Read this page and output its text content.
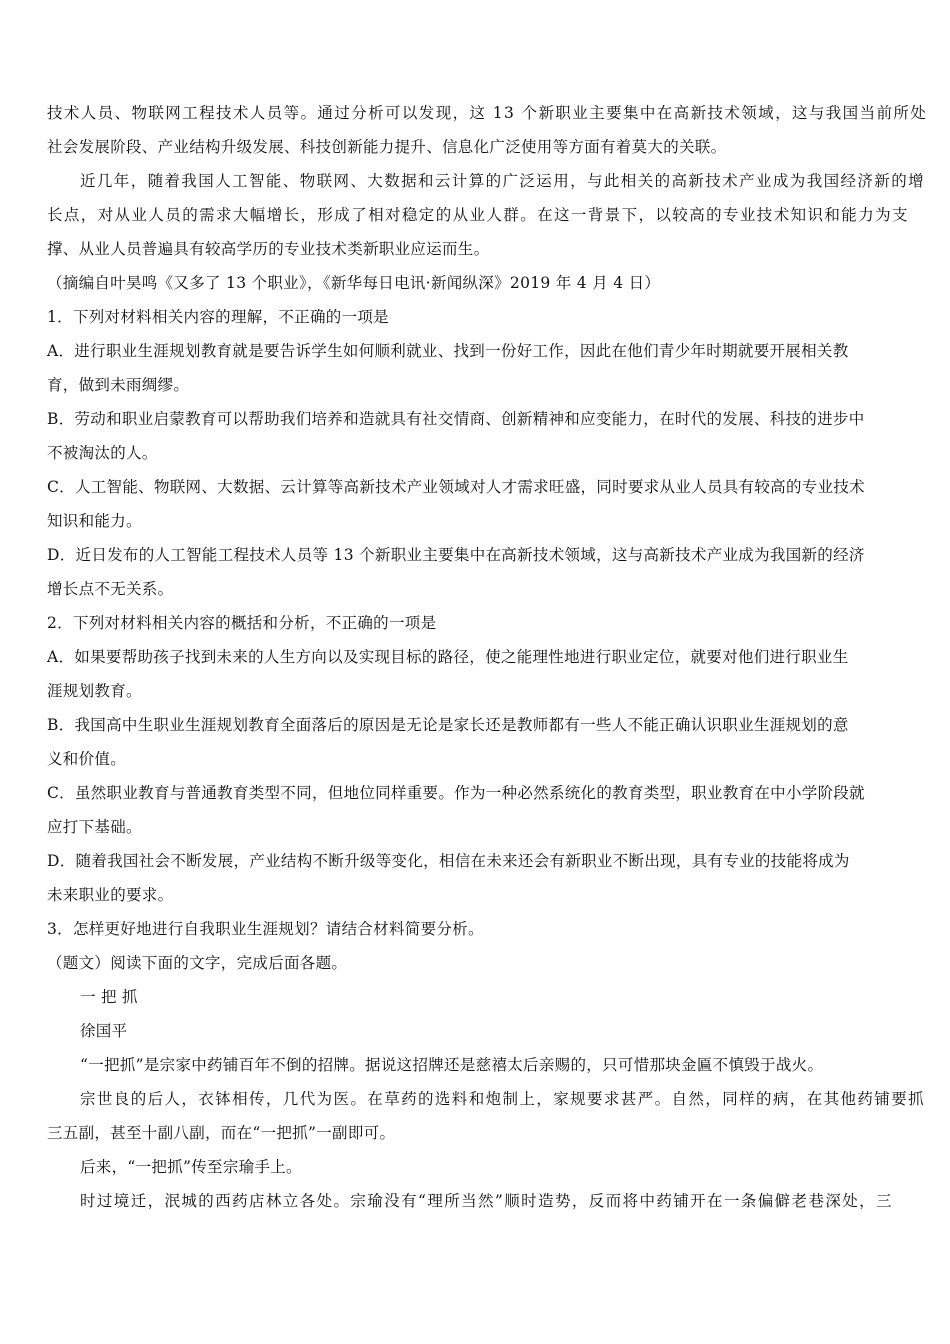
技术人员、物联网工程技术人员等。通过分析可以发现，这 13 个新职业主要集中在高新技术领域，这与我国当前所处
社会发展阶段、产业结构升级发展、科技创新能力提升、信息化广泛使用等方面有着莫大的关联。
近几年，随着我国人工智能、物联网、大数据和云计算的广泛运用，与此相关的高新技术产业成为我国经济新的增
长点，对从业人员的需求大幅增长，形成了相对稳定的从业人群。在这一背景下，以较高的专业技术知识和能力为支
撑、从业人员普遍具有较高学历的专业技术类新职业应运而生。
（摘编自叶昊鸣《又多了 13 个职业》，《新华每日电讯·新闻纵深》2019 年 4 月 4 日）
1．下列对材料相关内容的理解，不正确的一项是
A．进行职业生涯规划教育就是要告诉学生如何顺利就业、找到一份好工作，因此在他们青少年时期就要开展相关教
育，做到未雨绸缪。
B．劳动和职业启蒙教育可以帮助我们培养和造就具有社交情商、创新精神和应变能力，在时代的发展、科技的进步中
不被淘汰的人。
C．人工智能、物联网、大数据、云计算等高新技术产业领域对人才需求旺盛，同时要求从业人员具有较高的专业技术
知识和能力。
D．近日发布的人工智能工程技术人员等 13 个新职业主要集中在高新技术领域，这与高新技术产业成为我国新的经济
增长点不无关系。
2．下列对材料相关内容的概括和分析，不正确的一项是
A．如果要帮助孩子找到未来的人生方向以及实现目标的路径，使之能理性地进行职业定位，就要对他们进行职业生
涯规划教育。
B．我国高中生职业生涯规划教育全面落后的原因是无论是家长还是教师都有一些人不能正确认识职业生涯规划的意
义和价值。
C．虽然职业教育与普通教育类型不同，但地位同样重要。作为一种必然系统化的教育类型，职业教育在中小学阶段就
应打下基础。
D．随着我国社会不断发展，产业结构不断升级等变化，相信在未来还会有新职业不断出现，具有专业的技能将成为
未来职业的要求。
3．怎样更好地进行自我职业生涯规划？请结合材料简要分析。
（题文）阅读下面的文字，完成后面各题。
一 把 抓
徐国平
“一把抓”是宗家中药铺百年不倒的招牌。据说这招牌还是慈禧太后亲赐的，只可惜那块金匾不慎毁于战火。
宗世良的后人，衣钵相传，几代为医。在草药的选料和炮制上，家规要求甚严。自然，同样的病，在其他药铺要抓
三五副，甚至十副八副，而在“一把抓”一副即可。
后来，“一把抓”传至宗瑜手上。
时过境迁，泯城的西药店林立各处。宗瑜没有“理所当然”顺时造势，反而将中药铺开在一条偏僻老巷深处，三
